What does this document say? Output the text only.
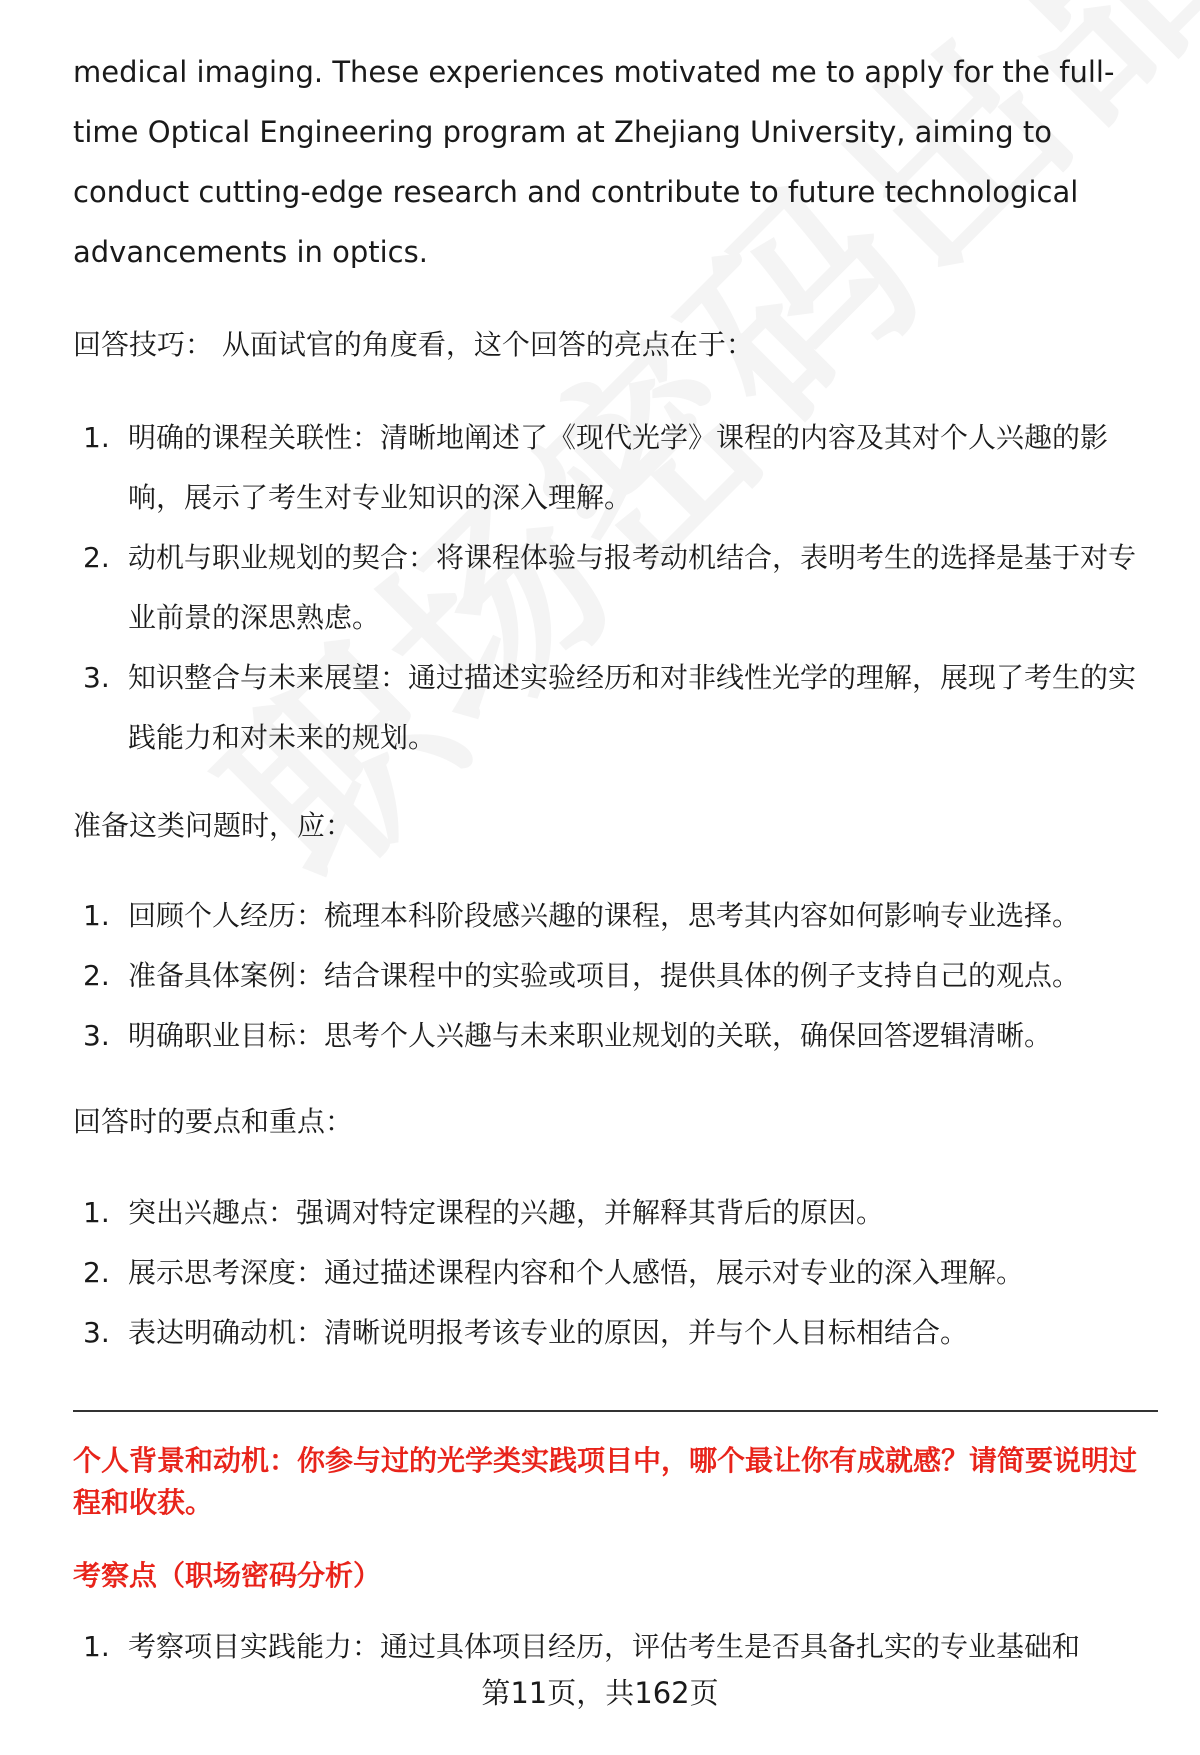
medical imaging. These experiences motivated me to apply for the full-time Optical Engineering program at Zhejiang University, aiming to conduct cutting-edge research and contribute to future technological advancements in optics.

回答技巧： 从面试官的角度看，这个回答的亮点在于：

1. 明确的课程关联性：清晰地阐述了《现代光学》课程的内容及其对个人兴趣的影响，展示了考生对专业知识的深入理解。
2. 动机与职业规划的契合：将课程体验与报考动机结合，表明考生的选择是基于对专业前景的深思熟虑。
3. 知识整合与未来展望：通过描述实验经历和对非线性光学的理解，展现了考生的实践能力和对未来的规划。

准备这类问题时，应：

1. 回顾个人经历：梳理本科阶段感兴趣的课程，思考其内容如何影响专业选择。
2. 准备具体案例：结合课程中的实验或项目，提供具体的例子支持自己的观点。
3. 明确职业目标：思考个人兴趣与未来职业规划的关联，确保回答逻辑清晰。

回答时的要点和重点：

1. 突出兴趣点：强调对特定课程的兴趣，并解释其背后的原因。
2. 展示思考深度：通过描述课程内容和个人感悟，展示对专业的深入理解。
3. 表达明确动机：清晰说明报考该专业的原因，并与个人目标相结合。

个人背景和动机：你参与过的光学类实践项目中，哪个最让你有成就感？请简要说明过程和收获。

考察点（职场密码分析）

1. 考察项目实践能力：通过具体项目经历，评估考生是否具备扎实的专业基础和
第11页，共162页
